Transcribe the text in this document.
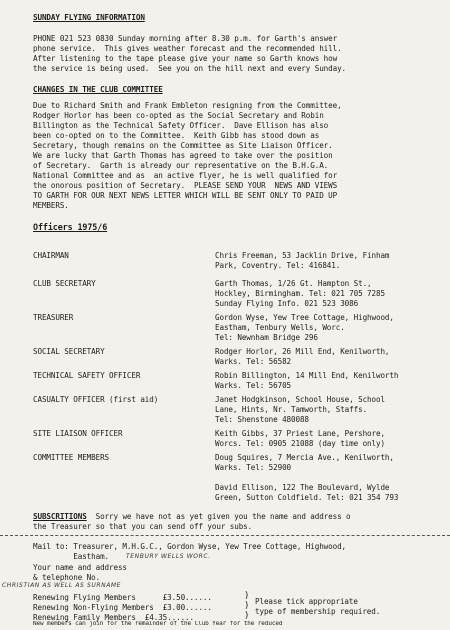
SUNDAY FLYING INFORMATION
PHONE 021 523 0830 Sunday morning after 8.30 p.m. for Garth's answer
phone service.  This gives weather forecast and the recommended hill.
After listening to the tape please give your name so Garth knows how
the service is being used.  See you on the hill next and every Sunday.
CHANGES IN THE CLUB COMMITTEE
Due to Richard Smith and Frank Embleton resigning from the Committee,
Rodger Horlor has been co-opted as the Social Secretary and Robin
Billington as the Technical Safety Officer.  Dave Ellison has also
been co-opted on to the Committee.  Keith Gibb has stood down as
Secretary, though remains on the Committee as Site Liaison Officer.
We are lucky that Garth Thomas has agreed to take over the position
of Secretary.  Garth is already our representative on the B.H.G.A.
National Committee and as  an active flyer, he is well qualified for
the onorous position of Secretary.  PLEASE SEND YOUR  NEWS AND VIEWS
TO GARTH FOR OUR NEXT NEWS LETTER WHICH WILL BE SENT ONLY TO PAID UP
MEMBERS.
Officers 1975/6
CHAIRMAN	Chris Freeman, 53 Jacklin Drive, Finham
Park, Coventry. Tel: 416841.
CLUB SECRETARY	Garth Thomas, 1/26 Gt. Hampton St.,
Hockley, Birmingham. Tel: 021 705 7285
Sunday Flying Info. 021 523 3086
TREASURER	Gordon Wyse, Yew Tree Cottage, Highwood,
Eastham, Tenbury Wells, Worc.
Tel: Newnham Bridge 296
SOCIAL SECRETARY	Rodger Horlor, 26 Mill End, Kenilworth,
Warks. Tel: 56582
TECHNICAL SAFETY OFFICER	Robin Billington, 14 Mill End, Kenilworth
Warks. Tel: 56705
CASUALTY OFFICER (first aid)	Janet Hodgkinson, School House, School
Lane, Hints, Nr. Tamworth, Staffs.
Tel: Shenstone 480088
SITE LIAISON OFFICER	Keith Gibbs, 37 Priest Lane, Pershore,
Worcs. Tel: 0905 21088 (day time only)
COMMITTEE MEMBERS	Doug Squires, 7 Mercia Ave., Kenilworth,
Warks. Tel: 52900
David Ellison, 122 The Boulevard, Wylde
Green, Sutton Coldfield. Tel: 021 354 793
SUBSCRITIONS  Sorry we have not as yet given you the name and address o
the Treasurer so that you can send off your subs.
Mail to: Treasurer, M.H.G.C., Gordon Wyse, Yew Tree Cottage, Highwood,
Eastham.	TENBURY WELLS WORC.
Your name and address
& telephone No.
CHRISTIAN AS WELL AS SURNAME
Renewing Flying Members      £3.50......
Renewing Non-Flying Members  £3.00......
Renewing Family Members  £4.35......
)
)
)
Please tick appropriate
type of membership required.
New members can join for the remainder of the Club Year for the reduced
